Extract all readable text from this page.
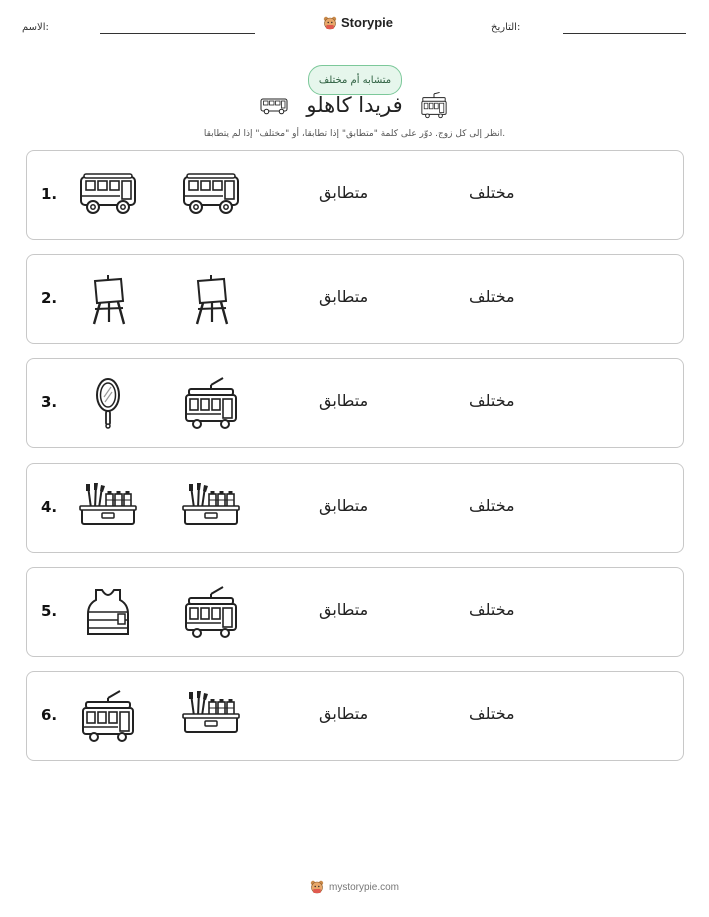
الاسم:	Storypie	التاريخ:
متشابه أم مختلف
فريدا كاهلو
انظر إلى كل زوج. دوّر على كلمة "متطابق" إذا تطابقا، أو "مختلف" إذا لم يتطابقا.
1.	متطابق	مختلف
2.	متطابق	مختلف
3.	متطابق	مختلف
4.	متطابق	مختلف
5.	متطابق	مختلف
6.	متطابق	مختلف
mystorypie.com
